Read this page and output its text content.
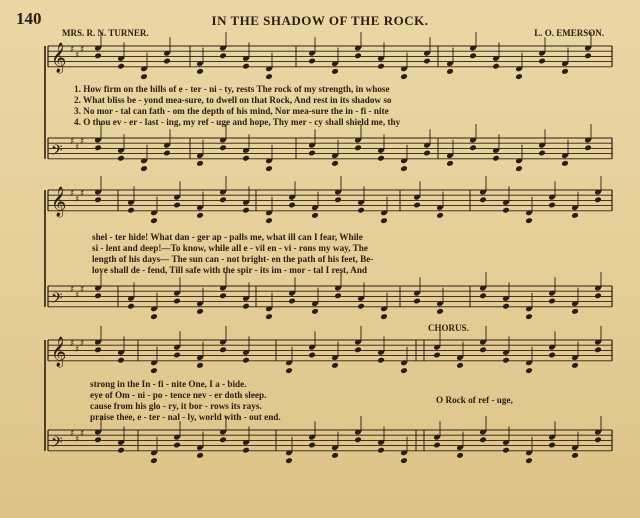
140	IN THE SHADOW OF THE ROCK.
MRS. R. N. TURNER.	L. O. EMERSON.
𝄞 ♯
♯
♯
𝄢 ♯
♯
♯
𝄞 ♯
♯
♯
𝄢 ♯
♯
♯
𝄞 ♯
♯
♯
𝄢 ♯
♯
♯
1. How firm on the hills of e - ter - ni - ty, rests The rock of my strength, in whose
2. What bliss be - yond mea-sure, to dwell on that Rock, And rest in its shadow so
3. No mor - tal can fath - om the depth of his mind, Nor mea-sure the in - fi - nite
4. O thou ev - er - last - ing, my ref - uge and hope, Thy mer - cy shall shield me, thy
shel - ter hide! What dan - ger ap - palls me, what ill can I fear, While
si - lent and deep!—To know, while all e - vil en - vi - rons my way, The
length of his days— The sun can - not bright- en the path of his feet, Be-
love shall de - fend, Till safe with the spir - its im - mor - tal I rest, And
CHORUS.
strong in the In - fi - nite One, I a - bide.
eye of Om - ni - po - tence nev - er doth sleep.
cause from his glo - ry, it bor - rows its rays.
praise thee, e - ter - nal - ly, world with - out end.
O Rock of ref - uge,
